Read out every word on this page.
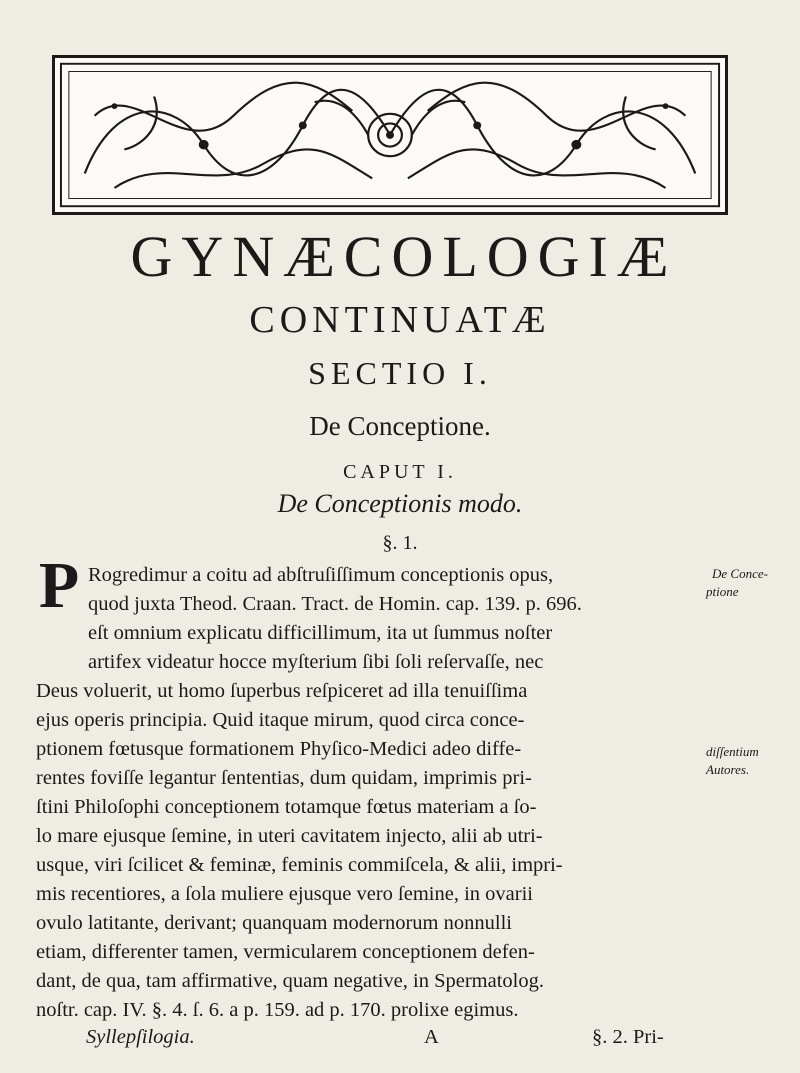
GYNÆCOLOGIÆ
CONTINUATÆ
SECTIO I.
De Conceptione.
CAPUT I.
De Conceptionis modo.
§. 1.
P Rogredimur a coitu ad abſtruſiſſimum conceptionis opus,
quod juxta Theod. Craan. Tract. de Homin. cap. 139. p. 696.
eſt omnium explicatu difficillimum, ita ut ſummus noſter
artifex videatur hocce myſterium ſibi ſoli reſervaſſe, nec
Deus voluerit, ut homo ſuperbus reſpiceret ad illa tenuiſſima
ejus operis principia. Quid itaque mirum, quod circa conce-
ptionem fœtusque formationem Phyſico-Medici adeo diffe-
rentes foviſſe legantur ſententias, dum quidam, imprimis pri-
ſtini Philoſophi conceptionem totamque fœtus materiam a ſo-
lo mare ejusque ſemine, in uteri cavitatem injecto, alii ab utri-
usque, viri ſcilicet & feminæ, feminis commiſcela, & alii, impri-
mis recentiores, a ſola muliere ejusque vero ſemine, in ovarii
ovulo latitante, derivant; quanquam modernorum nonnulli
etiam, differenter tamen, vermicularem conceptionem defen-
dant, de qua, tam affirmative, quam negative, in Spermatolog.
noſtr. cap. IV. §. 4. ſ. 6. a p. 159. ad p. 170. prolixe egimus.
De Conce-
ptione
diſſentium
Autores.
Syllepſilogia.	A	§. 2. Pri-
